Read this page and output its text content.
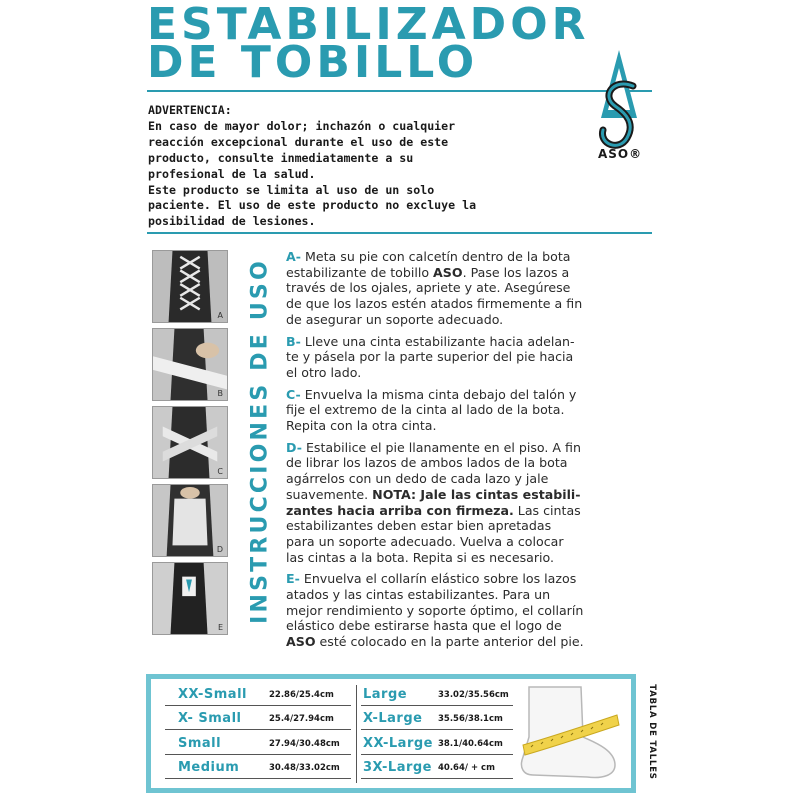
ESTABILIZADOR
DE TOBILLO
ASO®
ADVERTENCIA:
En caso de mayor dolor; inchazón o cualquier
reacción excepcional durante el uso de este
producto, consulte inmediatamente a su
profesional de la salud.
Este producto se limita al uso de un solo
paciente. El uso de este producto no excluye la
posibilidad de lesiones.
A
B
C
D
E
INSTRUCCIONES DE USO
A- Meta su pie con calcetín dentro de la bota
estabilizante de tobillo ASO. Pase los lazos a
través de los ojales, apriete y ate. Asegúrese
de que los lazos estén atados firmemente a fin
de asegurar un soporte adecuado.
B- Lleve una cinta estabilizante hacia adelan-
te y pásela por la parte superior del pie hacia
el otro lado.
C- Envuelva la misma cinta debajo del talón y
fije el extremo de la cinta al lado de la bota.
Repita con la otra cinta.
D- Estabilice el pie llanamente en el piso. A fin
de librar los lazos de ambos lados de la bota
agárrelos con un dedo de cada lazo y jale
suavemente. NOTA: Jale las cintas estabili-
zantes hacia arriba con firmeza. Las cintas
estabilizantes deben estar bien apretadas
para un soporte adecuado. Vuelva a colocar
las cintas a la bota. Repita si es necesario.
E- Envuelva el collarín elástico sobre los lazos
atados y las cintas estabilizantes. Para un
mejor rendimiento y soporte óptimo, el collarín
elástico debe estirarse hasta que el logo de
ASO esté colocado en la parte anterior del pie.
XX-Small	22.86/25.4cm
X- Small	25.4/27.94cm
Small	27.94/30.48cm
Medium	30.48/33.02cm
Large	33.02/35.56cm
X-Large 35.56/38.1cm
XX-Large 38.1/40.64cm
3X-Large 40.64/ + cm	TABLA DE TALLES
